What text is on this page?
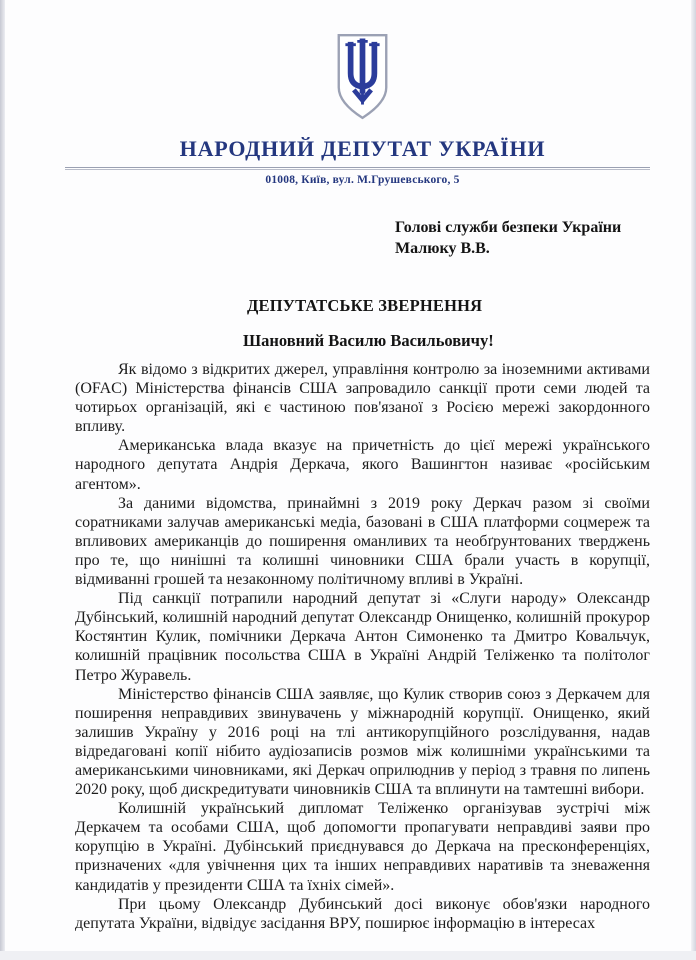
НАРОДНИЙ ДЕПУТАТ УКРАЇНИ
01008, Київ, вул. М.Грушевського, 5
Голові служби безпеки України
Малюку В.В.
ДЕПУТАТСЬКЕ ЗВЕРНЕННЯ
Шановний Василю Васильовичу!

Як відомо з відкритих джерел, управління контролю за іноземними активами (OFAC) Міністерства фінансів США запровадило санкції проти семи людей та чотирьох організацій, які є частиною пов'язаної з Росією мережі закордонного впливу.

Американська влада вказує на причетність до цієї мережі українського народного депутата Андрія Деркача, якого Вашингтон називає «російським агентом».

За даними відомства, принаймні з 2019 року Деркач разом зі своїми соратниками залучав американські медіа, базовані в США платформи соцмереж та впливових американців до поширення оманливих та необґрунтованих тверджень про те, що нинішні та колишні чиновники США брали участь в корупції, відмиванні грошей та незаконному політичному впливі в Україні.

Під санкції потрапили народний депутат зі «Слуги народу» Олександр Дубінський, колишній народний депутат Олександр Онищенко, колишній прокурор Костянтин Кулик, помічники Деркача Антон Симоненко та Дмитро Ковальчук, колишній працівник посольства США в Україні Андрій Теліженко та політолог Петро Журавель.

Міністерство фінансів США заявляє, що Кулик створив союз з Деркачем для поширення неправдивих звинувачень у міжнародній корупції. Онищенко, який залишив Україну у 2016 році на тлі антикорупційного розслідування, надав відредаговані копії нібито аудіозаписів розмов між колишніми українськими та американськими чиновниками, які Деркач оприлюднив у період з травня по липень 2020 року, щоб дискредитувати чиновників США та вплинути на тамтешні вибори.

Колишній український дипломат Теліженко організував зустрічі між Деркачем та особами США, щоб допомогти пропагувати неправдиві заяви про корупцію в Україні. Дубінський приєднувався до Деркача на пресконференціях, призначених «для увічнення цих та інших неправдивих наративів та зневаження кандидатів у президенти США та їхніх сімей».

При цьому Олександр Дубинський досі виконує обов'язки народного депутата України, відвідує засідання ВРУ, поширює інформацію в інтересах
